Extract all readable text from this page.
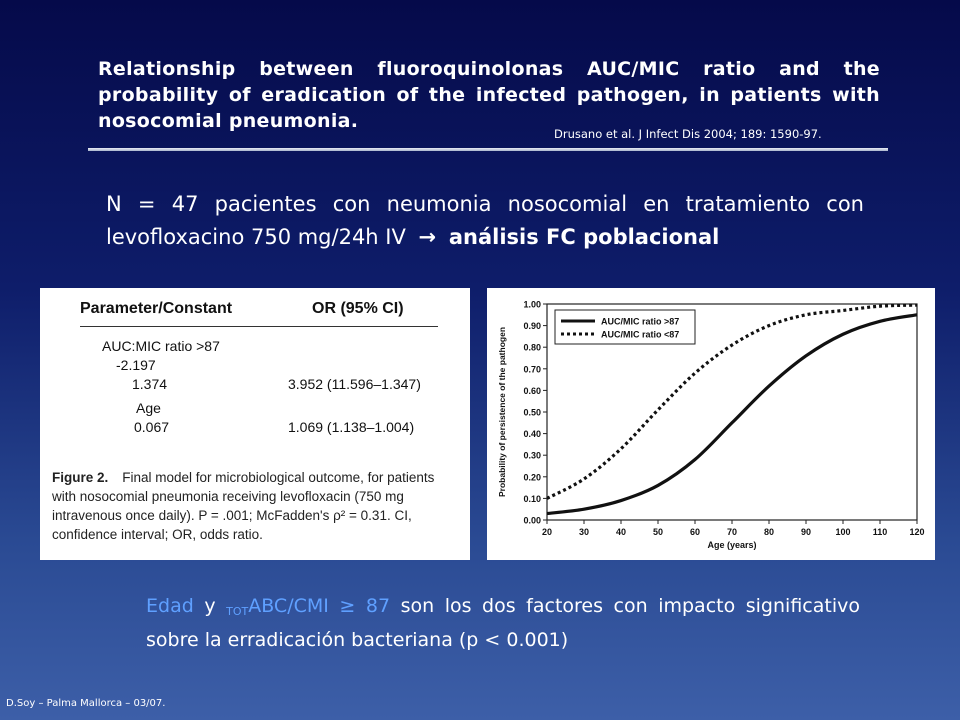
Relationship between fluoroquinolonas AUC/MIC ratio and the probability of eradication of the infected pathogen, in patients with nosocomial pneumonia.
Drusano et al. J Infect Dis 2004; 189: 1590-97.
N = 47 pacientes con neumonia nosocomial en tratamiento con levofloxacino 750 mg/24h IV → análisis FC poblacional
Parameter/Constant	OR (95% CI)

AUC:MIC ratio >87
-2.197
1.374	3.952 (11.596–1.347)
Age
0.067	1.069 (1.138–1.004)
Figure 2. Final model for microbiological outcome, for patients with nosocomial pneumonia receiving levofloxacin (750 mg intravenous once daily). P = .001; McFadden's ρ² = 0.31. CI, confidence interval; OR, odds ratio.
0.00
0.10
0.20
0.30
0.40
0.50
0.60
0.70
0.80
0.90
1.00
20	30	40	50	60	70	80	90	100 110 120
Age (years)
Probability of persistence of the pathogen
AUC/MIC ratio >87
AUC/MIC ratio <87
Edad y $_{TOT}$ABC/CMI ≥ 87 son los dos factores con impacto significativo sobre la erradicación bacteriana (p < 0.001)
D.Soy – Palma Mallorca – 03/07.
